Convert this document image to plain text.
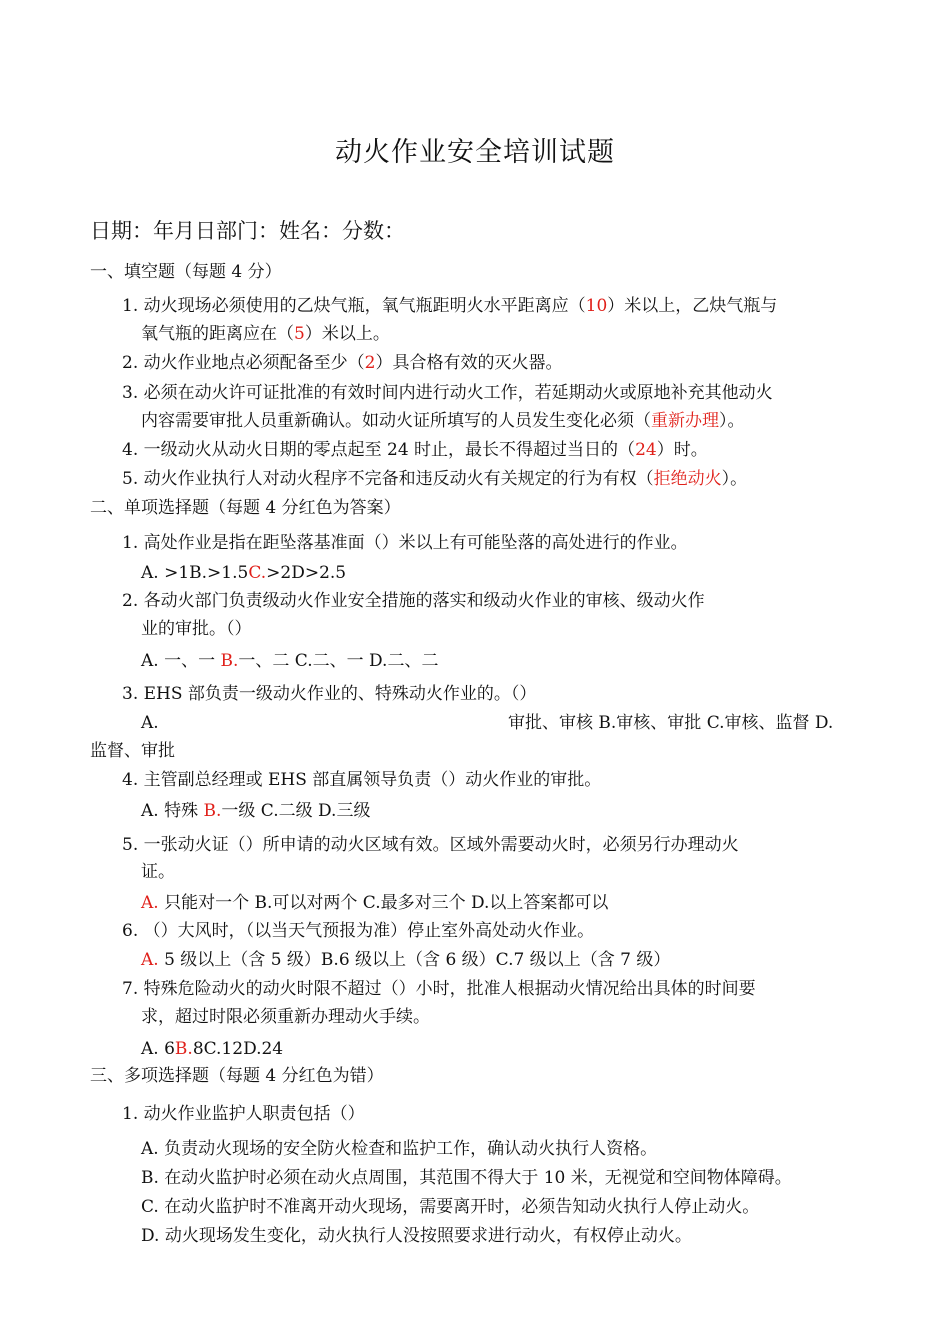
动火作业安全培训试题
日期：年月日部门：姓名：分数：
一、填空题（每题 4 分）
1. 动火现场必须使用的乙炔气瓶，氧气瓶距明火水平距离应（10）米以上，乙炔气瓶与
氧气瓶的距离应在（5）米以上。
2. 动火作业地点必须配备至少（2）具合格有效的灭火器。
3. 必须在动火许可证批准的有效时间内进行动火工作，若延期动火或原地补充其他动火
内容需要审批人员重新确认。如动火证所填写的人员发生变化必须（重新办理）。
4. 一级动火从动火日期的零点起至 24 时止，最长不得超过当日的（24）时。
5. 动火作业执行人对动火程序不完备和违反动火有关规定的行为有权（拒绝动火）。
二、单项选择题（每题 4 分红色为答案）
1. 高处作业是指在距坠落基准面（）米以上有可能坠落的高处进行的作业。
A. >1B.>1.5C.>2D>2.5
2. 各动火部门负责级动火作业安全措施的落实和级动火作业的审核、级动火作
业的审批。（）
A. 一、一 B.一、二 C.二、一 D.二、二
3. EHS 部负责一级动火作业的、特殊动火作业的。（）
A.	审批、审核 B.审核、审批 C.审核、监督 D.
监督、审批
4. 主管副总经理或 EHS 部直属领导负责（）动火作业的审批。
A. 特殊 B.一级 C.二级 D.三级
5. 一张动火证（）所申请的动火区域有效。区域外需要动火时，必须另行办理动火
证。
A. 只能对一个 B.可以对两个 C.最多对三个 D.以上答案都可以
6. （）大风时，（以当天气预报为准）停止室外高处动火作业。
A. 5 级以上（含 5 级）B.6 级以上（含 6 级）C.7 级以上（含 7 级）
7. 特殊危险动火的动火时限不超过（）小时，批准人根据动火情况给出具体的时间要
求，超过时限必须重新办理动火手续。
A. 6B.8C.12D.24
三、多项选择题（每题 4 分红色为错）
1. 动火作业监护人职责包括（）
A. 负责动火现场的安全防火检查和监护工作，确认动火执行人资格。
B. 在动火监护时必须在动火点周围，其范围不得大于 10 米，无视觉和空间物体障碍。
C. 在动火监护时不准离开动火现场，需要离开时，必须告知动火执行人停止动火。
D. 动火现场发生变化，动火执行人没按照要求进行动火，有权停止动火。
